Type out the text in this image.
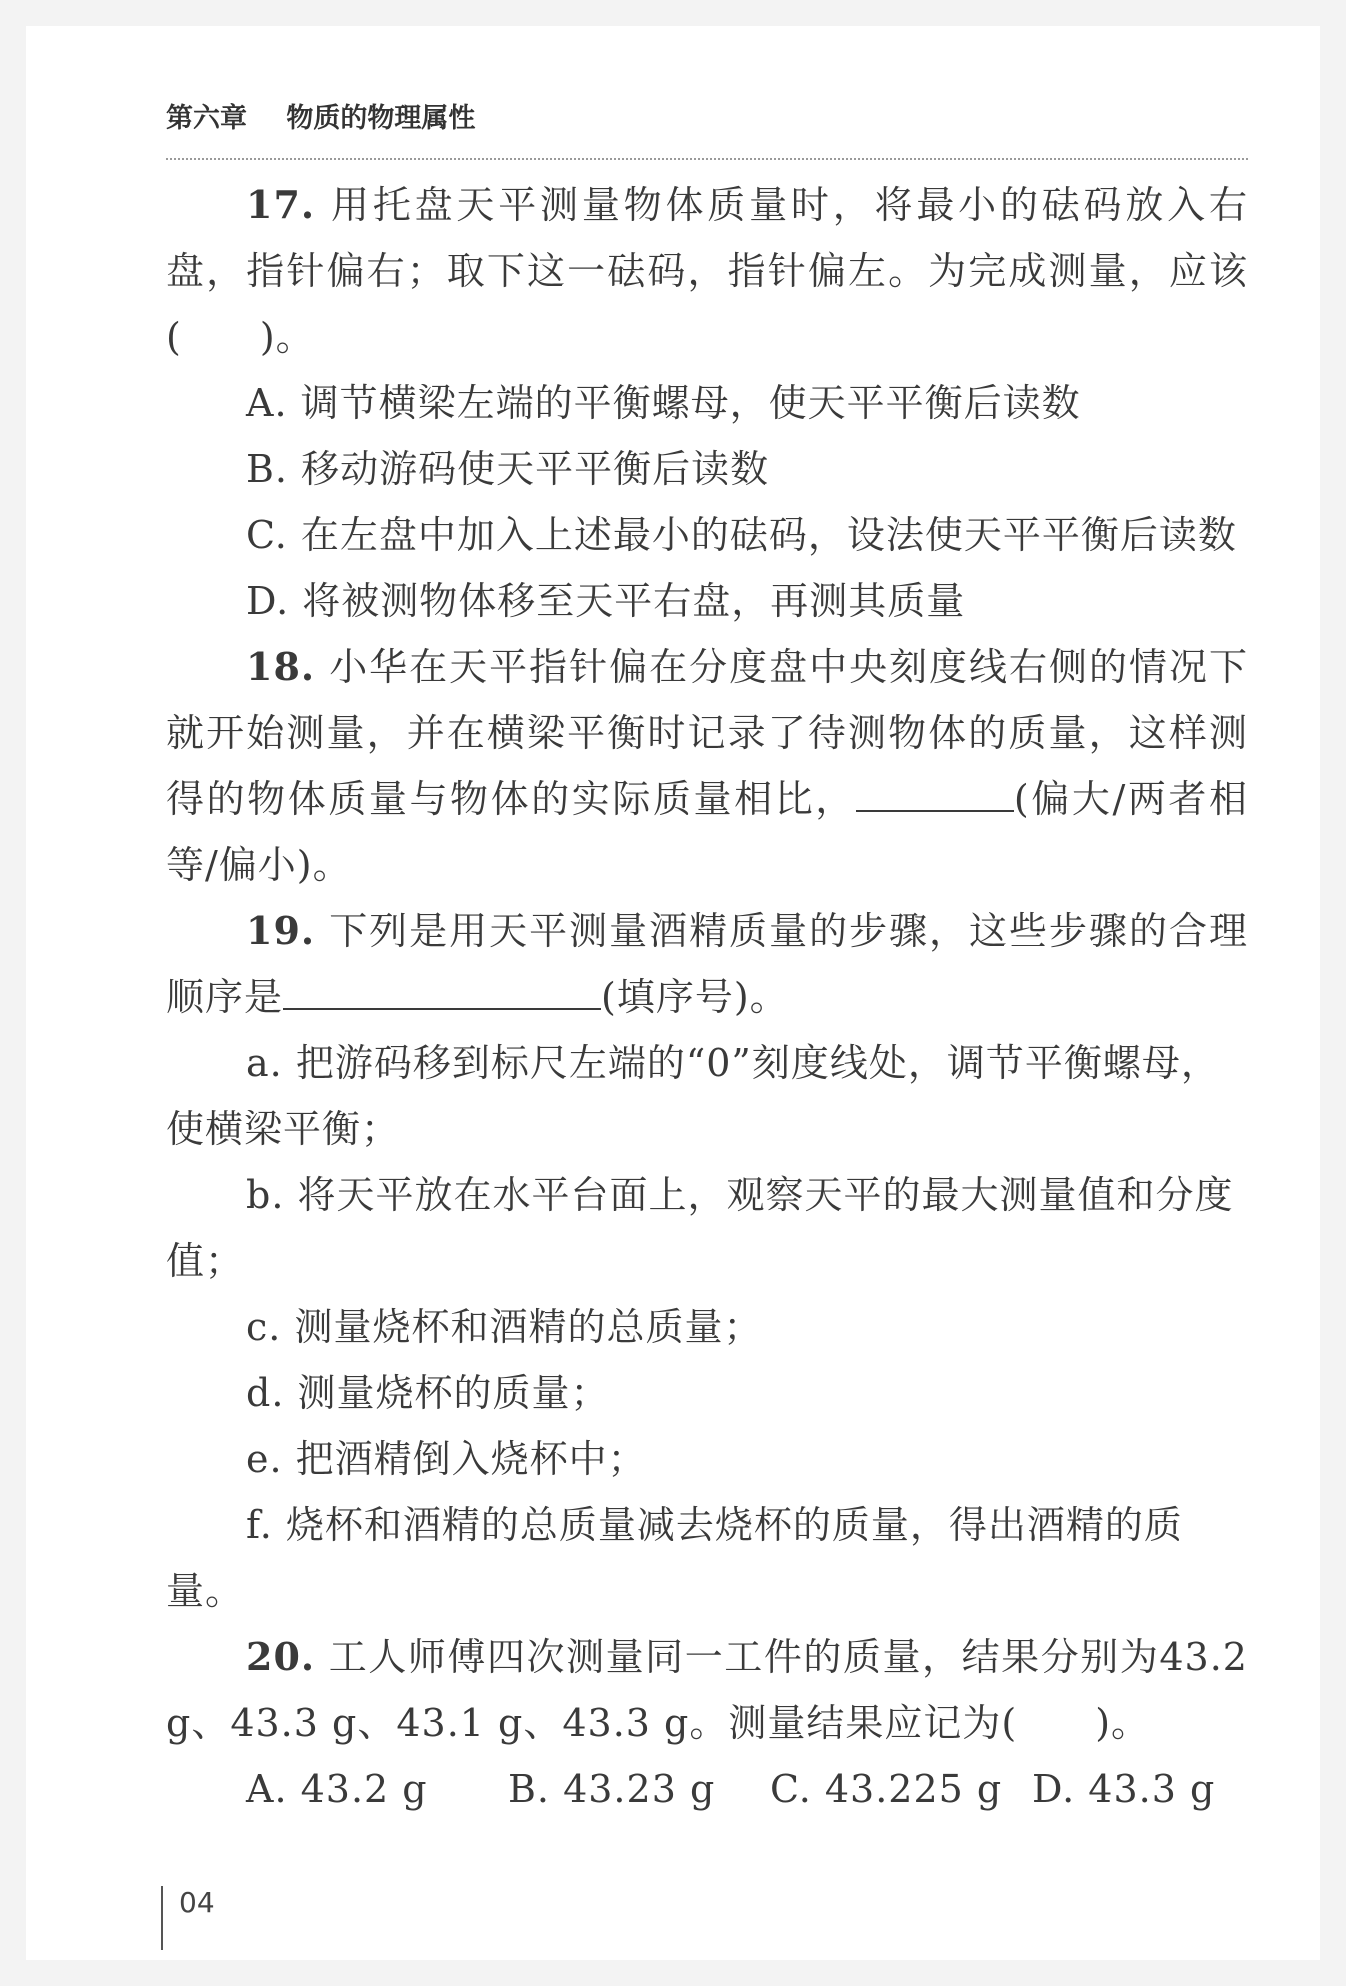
第六章 物质的物理属性

17. 用托盘天平测量物体质量时，将最小的砝码放入右盘，指针偏右；取下这一砝码，指针偏左。为完成测量，应该(　　)。

A. 调节横梁左端的平衡螺母，使天平平衡后读数

B. 移动游码使天平平衡后读数

C. 在左盘中加入上述最小的砝码，设法使天平平衡后读数

D. 将被测物体移至天平右盘，再测其质量

18. 小华在天平指针偏在分度盘中央刻度线右侧的情况下就开始测量，并在横梁平衡时记录了待测物体的质量，这样测得的物体质量与物体的实际质量相比，	(偏大/两者相等/偏小)。

19. 下列是用天平测量酒精质量的步骤，这些步骤的合理顺序是	(填序号)。

a. 把游码移到标尺左端的“0”刻度线处，调节平衡螺母，使横梁平衡；

b. 将天平放在水平台面上，观察天平的最大测量值和分度值；

c. 测量烧杯和酒精的总质量；

d. 测量烧杯的质量；

e. 把酒精倒入烧杯中；

f. 烧杯和酒精的总质量减去烧杯的质量，得出酒精的质量。

20. 工人师傅四次测量同一工件的质量，结果分别为43.2 g、43.3 g、43.1 g、43.3 g。测量结果应记为(　　)。

A. 43.2 g	B. 43.23 g	C. 43.225 g D. 43.3 g
04
